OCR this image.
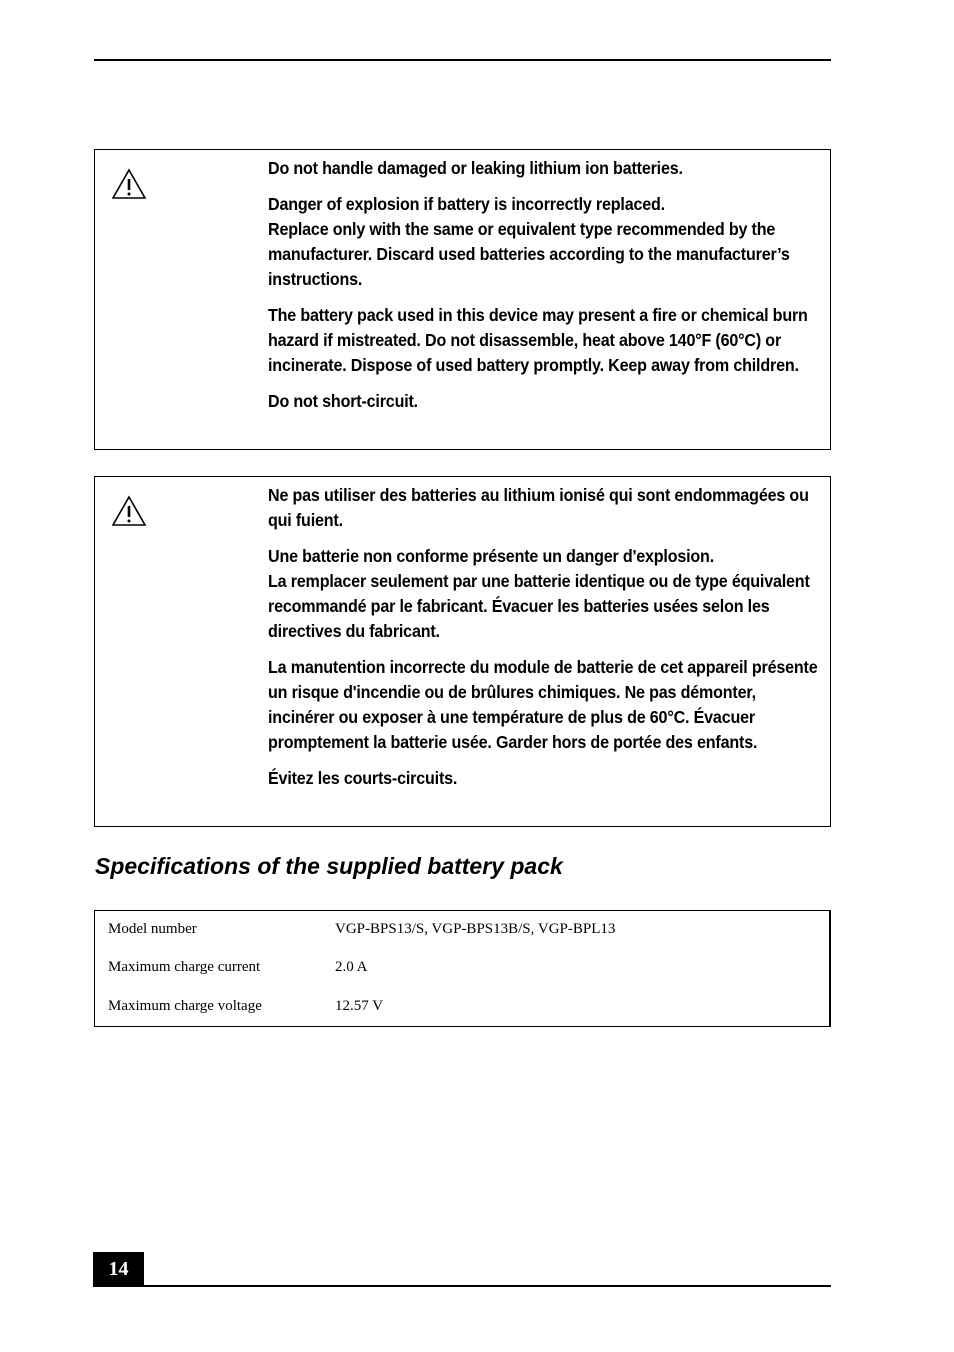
Do not handle damaged or leaking lithium ion batteries.

Danger of explosion if battery is incorrectly replaced.
Replace only with the same or equivalent type recommended by the manufacturer. Discard used batteries according to the manufacturer’s instructions.

The battery pack used in this device may present a fire or chemical burn hazard if mistreated. Do not disassemble, heat above 140°F (60°C) or incinerate. Dispose of used battery promptly. Keep away from children.

Do not short-circuit.

Ne pas utiliser des batteries au lithium ionisé qui sont endommagées ou qui fuient.

Une batterie non conforme présente un danger d'explosion.
La remplacer seulement par une batterie identique ou de type équivalent recommandé par le fabricant. Évacuer les batteries usées selon les directives du fabricant.

La manutention incorrecte du module de batterie de cet appareil présente un risque d'incendie ou de brûlures chimiques. Ne pas démonter, incinérer ou exposer à une température de plus de 60°C. Évacuer promptement la batterie usée. Garder hors de portée des enfants.

Évitez les courts-circuits.

Specifications of the supplied battery pack
Model number	VGP-BPS13/S, VGP-BPS13B/S, VGP-BPL13
Maximum charge current	2.0 A
Maximum charge voltage	12.57 V
14
